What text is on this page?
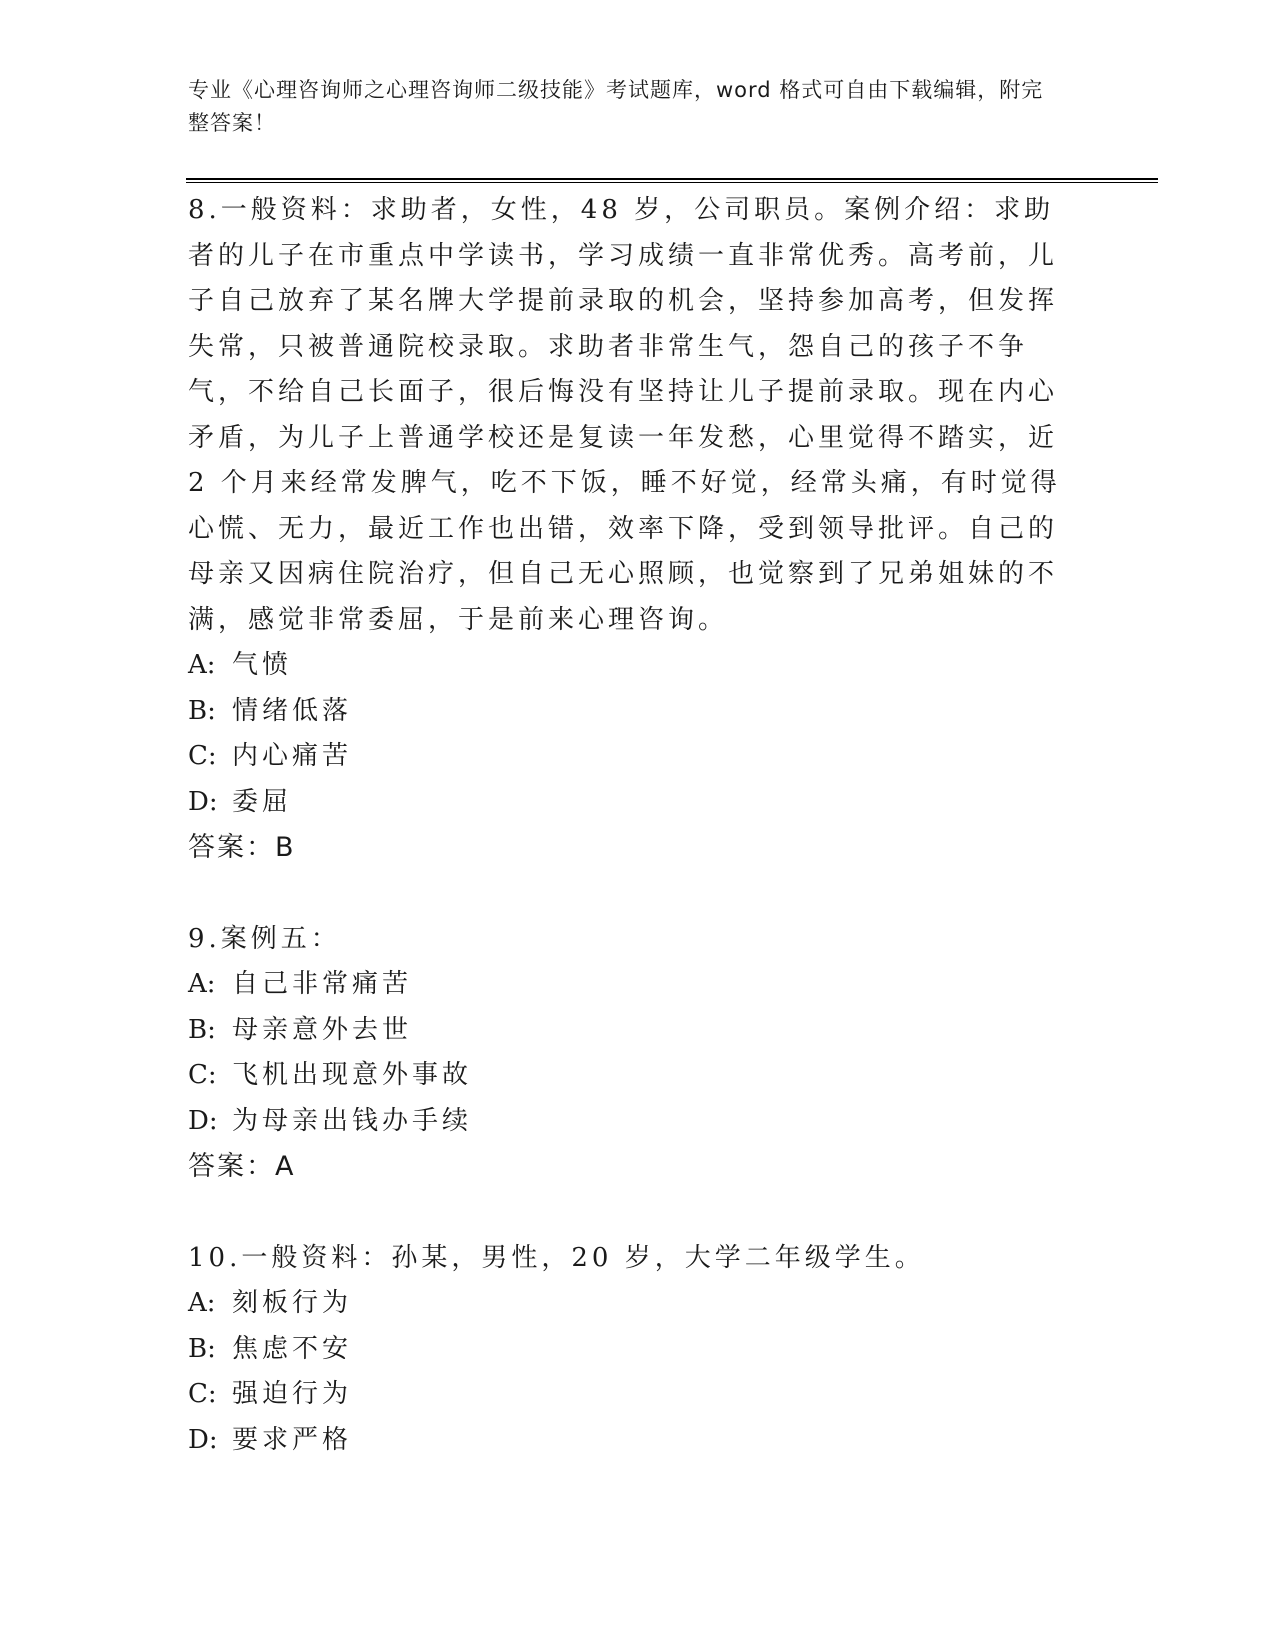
专业《心理咨询师之心理咨询师二级技能》考试题库，word 格式可自由下载编辑，附完整答案！

8.一般资料：求助者，女性，48 岁，公司职员。案例介绍：求助者的儿子在市重点中学读书，学习成绩一直非常优秀。高考前，儿子自己放弃了某名牌大学提前录取的机会，坚持参加高考，但发挥失常，只被普通院校录取。求助者非常生气，怨自己的孩子不争气，不给自己长面子，很后悔没有坚持让儿子提前录取。现在内心矛盾，为儿子上普通学校还是复读一年发愁，心里觉得不踏实，近 2 个月来经常发脾气，吃不下饭，睡不好觉，经常头痛，有时觉得心慌、无力，最近工作也出错，效率下降，受到领导批评。自己的母亲又因病住院治疗，但自己无心照顾，也觉察到了兄弟姐妹的不满，感觉非常委屈，于是前来心理咨询。

A: 气愤

B: 情绪低落

C: 内心痛苦

D: 委屈

答案：B

9.案例五：

A: 自己非常痛苦

B: 母亲意外去世

C: 飞机出现意外事故

D: 为母亲出钱办手续

答案：A

10.一般资料：孙某，男性，20 岁，大学二年级学生。

A: 刻板行为

B: 焦虑不安

C: 强迫行为

D: 要求严格
